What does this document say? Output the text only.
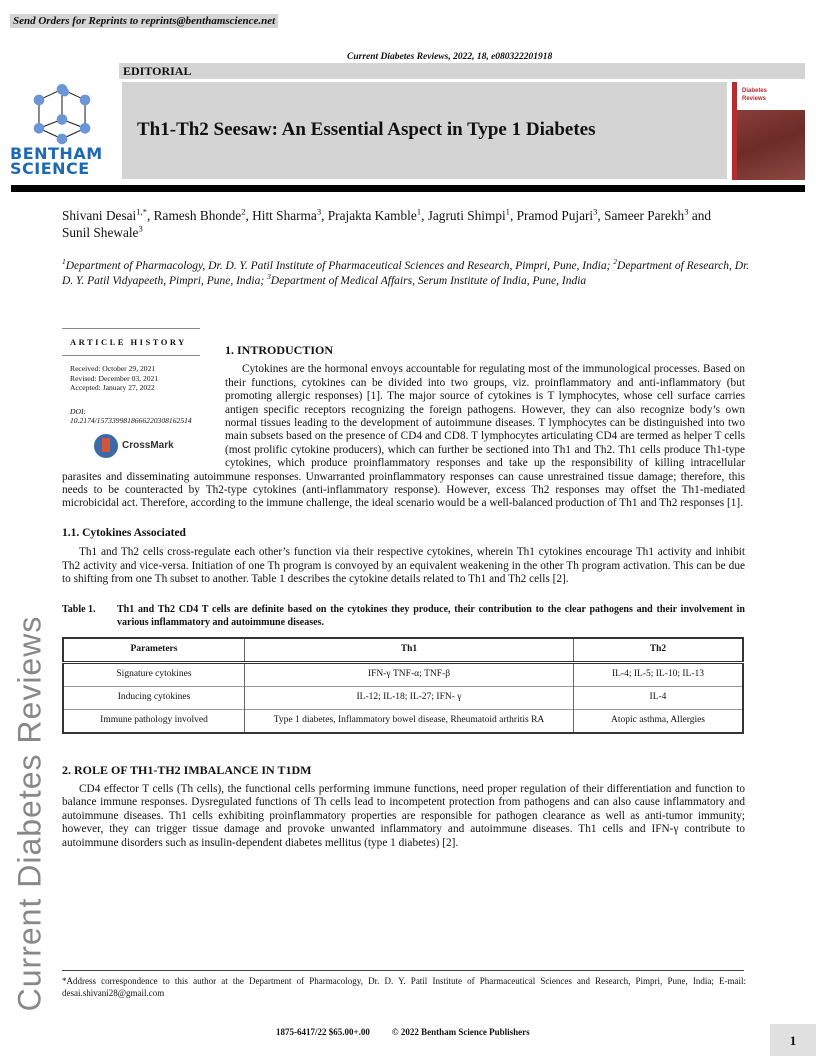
Send Orders for Reprints to reprints@benthamscience.net
Current Diabetes Reviews, 2022, 18, e080322201918
BENTHAM
SCIENCE
EDITORIAL
Th1-Th2 Seesaw: An Essential Aspect in Type 1 Diabetes
Diabetes
Reviews
Shivani Desai$^{1,*}$, Ramesh Bhonde$^2$, Hitt Sharma$^3$, Prajakta Kamble$^1$, Jagruti Shimpi$^1$, Pramod Pujari$^3$, Sameer Parekh$^3$ and Sunil Shewale$^3$
$^1$Department of Pharmacology, Dr. D. Y. Patil Institute of Pharmaceutical Sciences and Research, Pimpri, Pune, India; $^2$Department of Research, Dr. D. Y. Patil Vidyapeeth, Pimpri, Pune, India; $^3$Department of Medical Affairs, Serum Institute of India, Pune, India
ARTICLE HISTORY
Received: October 29, 2021
Revised: December 03, 2021
Accepted: January 27, 2022
DOI:
10.2174/1573399818666220308162514
CrossMark
1. INTRODUCTION

Cytokines are the hormonal envoys accountable for regulating most of the immunological processes. Based on their functions, cytokines can be divided into two groups, viz. proinflammatory and anti-inflammatory (but promoting allergic responses) [1]. The major source of cytokines is T lymphocytes, whose cell surface carries antigen specific receptors recognizing the foreign pathogens. However, they can also recognize body’s own normal tissues leading to the development of autoimmune diseases. T lymphocytes can be distinguished into two main subsets based on the presence of CD4 and CD8. T lymphocytes articulating CD4 are termed as helper T cells (most prolific cytokine producers), which can further be sectioned into Th1 and Th2. Th1 cells produce Th1-type cytokines, which produce proinflammatory responses and take up the responsibility of killing intracellular parasites and disseminating autoimmune responses. Unwarranted proinflammatory responses can cause unrestrained tissue damage; therefore, this needs to be counteracted by Th2-type cytokines (anti-inflammatory response). However, excess Th2 responses may offset the Th1-mediated microbicidal act. Therefore, according to the immune challenge, the ideal scenario would be a well-balanced production of Th1 and Th2 responses [1].

1.1. Cytokines Associated

Th1 and Th2 cells cross-regulate each other’s function via their respective cytokines, wherein Th1 cytokines encourage Th1 activity and inhibit Th2 activity and vice-versa. Initiation of one Th program is convoyed by an equivalent weakening in the other Th program activation. This can be due to shifting from one Th subset to another. Table 1 describes the cytokine details related to Th1 and Th2 cells [2].

Table 1.	Th1 and Th2 CD4 T cells are definite based on the cytokines they produce, their contribution to the clear pathogens and their involvement in various inflammatory and autoimmune diseases.
Parameters	Th1	Th2
Signature cytokines	IFN-γ TNF-α; TNF-β	IL-4; IL-5; IL-10; IL-13
Inducing cytokines	IL-12; IL-18; IL-27; IFN- γ	IL-4
Immune pathology involved	Type 1 diabetes, Inflammatory bowel disease, Rheumatoid arthritis RA	Atopic asthma, Allergies
2. ROLE OF TH1-TH2 IMBALANCE IN T1DM

CD4 effector T cells (Th cells), the functional cells performing immune functions, need proper regulation of their differentiation and function to balance immune responses. Dysregulated functions of Th cells lead to incompetent protection from pathogens and can also cause inflammatory and autoimmune diseases. Th1 cells exhibiting proinflammatory properties are responsible for pathogen clearance as well as anti-tumor immunity; however, they can trigger tissue damage and provoke unwanted inflammatory and autoimmune diseases. Th1 cells and IFN-γ contribute to autoimmune disorders such as insulin-dependent diabetes mellitus (type 1 diabetes) [2].

Current Diabetes Reviews *Address correspondence to this author at the Department of Pharmacology, Dr. D. Y. Patil Institute of Pharmaceutical Sciences and Research, Pimpri, Pune, India; E-mail: desai.shivani28@gmail.com
1875-6417/22 $65.00+.00 © 2022 Bentham Science Publishers
1
